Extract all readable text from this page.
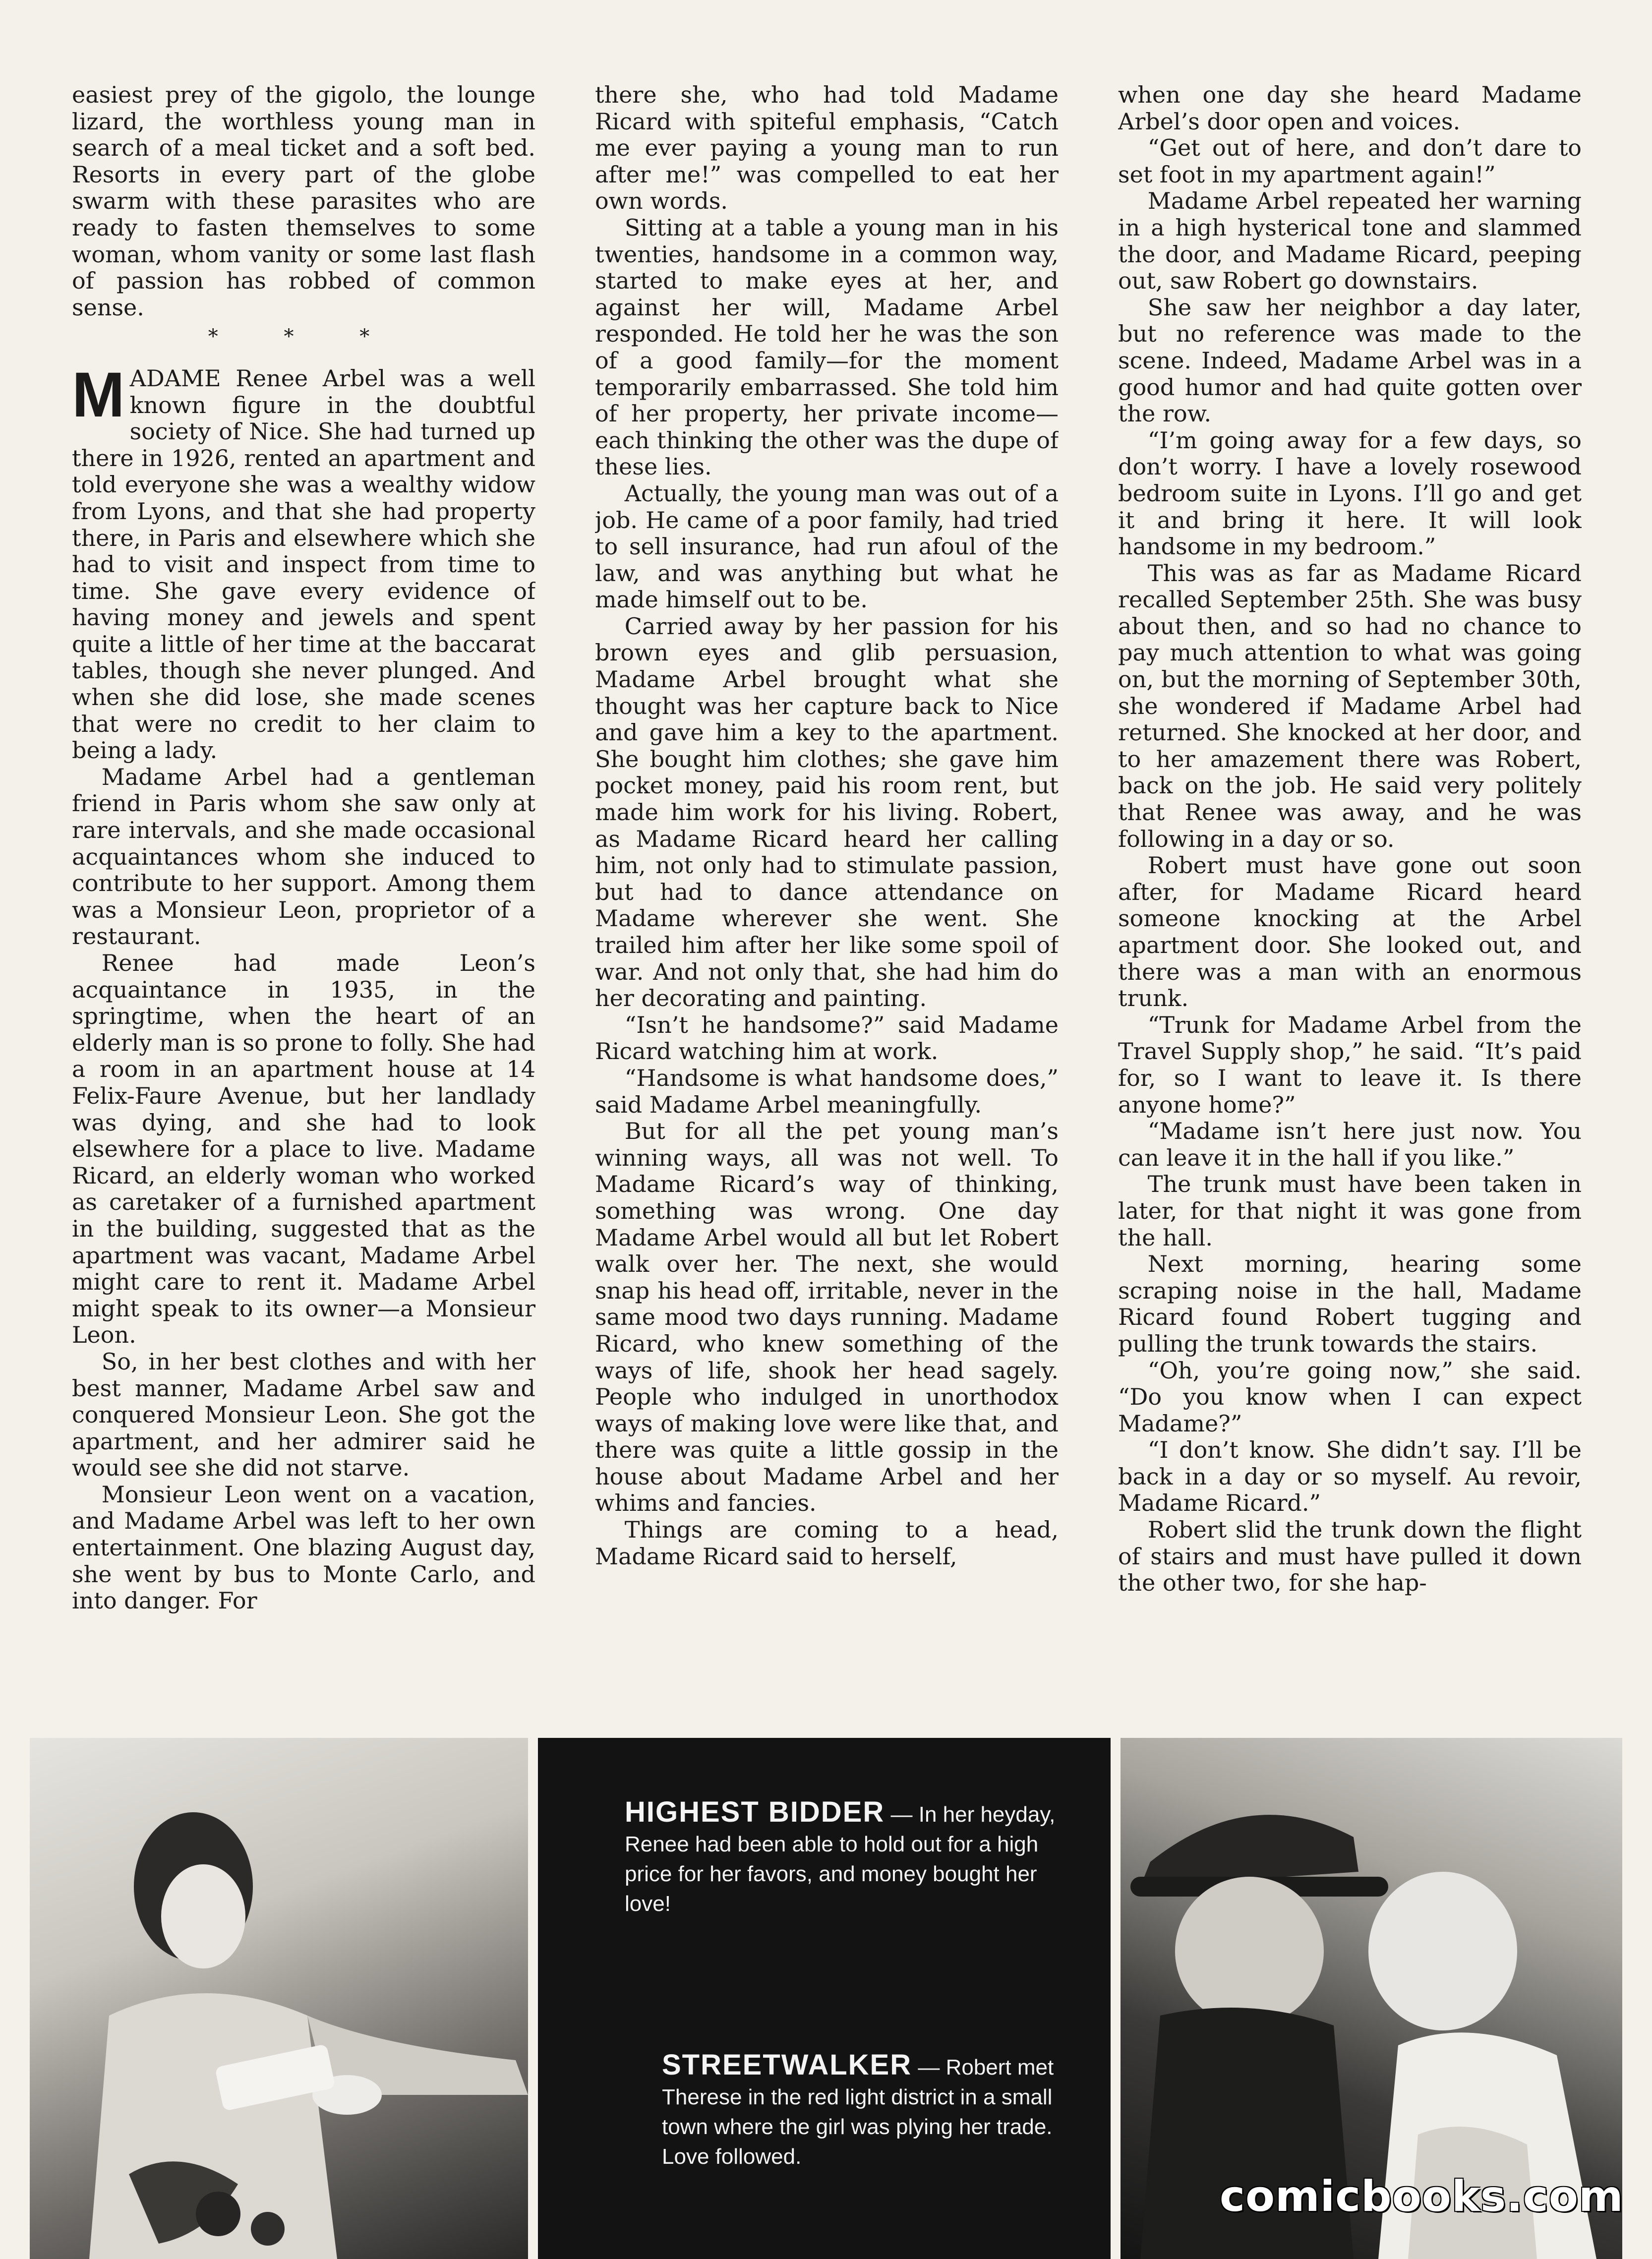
easiest prey of the gigolo, the lounge lizard, the worthless young man in search of a meal ticket and a soft bed. Resorts in every part of the globe swarm with these parasites who are ready to fasten themselves to some woman, whom vanity or some last flash of passion has robbed of common sense.

* * *

MADAME Renee Arbel was a well known figure in the doubtful society of Nice. She had turned up there in 1926, rented an apartment and told everyone she was a wealthy widow from Lyons, and that she had property there, in Paris and elsewhere which she had to visit and inspect from time to time. She gave every evidence of having money and jewels and spent quite a little of her time at the baccarat tables, though she never plunged. And when she did lose, she made scenes that were no credit to her claim to being a lady.

Madame Arbel had a gentleman friend in Paris whom she saw only at rare intervals, and she made occasional acquaintances whom she induced to contribute to her support. Among them was a Monsieur Leon, proprietor of a restaurant.

Renee had made Leon’s acquaintance in 1935, in the springtime, when the heart of an elderly man is so prone to folly. She had a room in an apartment house at 14 Felix-Faure Avenue, but her landlady was dying, and she had to look elsewhere for a place to live. Madame Ricard, an elderly woman who worked as caretaker of a furnished apartment in the building, suggested that as the apartment was vacant, Madame Arbel might care to rent it. Madame Arbel might speak to its owner—a Monsieur Leon.

So, in her best clothes and with her best manner, Madame Arbel saw and conquered Monsieur Leon. She got the apartment, and her admirer said he would see she did not starve.

Monsieur Leon went on a vacation, and Madame Arbel was left to her own entertainment. One blazing August day, she went by bus to Monte Carlo, and into danger. For

there she, who had told Madame Ricard with spiteful emphasis, “Catch me ever paying a young man to run after me!” was compelled to eat her own words.

Sitting at a table a young man in his twenties, handsome in a common way, started to make eyes at her, and against her will, Madame Arbel responded. He told her he was the son of a good family—for the moment temporarily embarrassed. She told him of her property, her private income—each thinking the other was the dupe of these lies.

Actually, the young man was out of a job. He came of a poor family, had tried to sell insurance, had run afoul of the law, and was anything but what he made himself out to be.

Carried away by her passion for his brown eyes and glib persuasion, Madame Arbel brought what she thought was her capture back to Nice and gave him a key to the apartment. She bought him clothes; she gave him pocket money, paid his room rent, but made him work for his living. Robert, as Madame Ricard heard her calling him, not only had to stimulate passion, but had to dance attendance on Madame wherever she went. She trailed him after her like some spoil of war. And not only that, she had him do her decorating and painting.

“Isn’t he handsome?” said Madame Ricard watching him at work.

“Handsome is what handsome does,” said Madame Arbel meaningfully.

But for all the pet young man’s winning ways, all was not well. To Madame Ricard’s way of thinking, something was wrong. One day Madame Arbel would all but let Robert walk over her. The next, she would snap his head off, irritable, never in the same mood two days running. Madame Ricard, who knew something of the ways of life, shook her head sagely. People who indulged in unorthodox ways of making love were like that, and there was quite a little gossip in the house about Madame Arbel and her whims and fancies.

Things are coming to a head, Madame Ricard said to herself,

when one day she heard Madame Arbel’s door open and voices.

“Get out of here, and don’t dare to set foot in my apartment again!”

Madame Arbel repeated her warning in a high hysterical tone and slammed the door, and Madame Ricard, peeping out, saw Robert go downstairs.

She saw her neighbor a day later, but no reference was made to the scene. Indeed, Madame Arbel was in a good humor and had quite gotten over the row.

“I’m going away for a few days, so don’t worry. I have a lovely rosewood bedroom suite in Lyons. I’ll go and get it and bring it here. It will look handsome in my bedroom.”

This was as far as Madame Ricard recalled September 25th. She was busy about then, and so had no chance to pay much attention to what was going on, but the morning of September 30th, she wondered if Madame Arbel had returned. She knocked at her door, and to her amazement there was Robert, back on the job. He said very politely that Renee was away, and he was following in a day or so.

Robert must have gone out soon after, for Madame Ricard heard someone knocking at the Arbel apartment door. She looked out, and there was a man with an enormous trunk.

“Trunk for Madame Arbel from the Travel Supply shop,” he said. “It’s paid for, so I want to leave it. Is there anyone home?”

“Madame isn’t here just now. You can leave it in the hall if you like.”

The trunk must have been taken in later, for that night it was gone from the hall.

Next morning, hearing some scraping noise in the hall, Madame Ricard found Robert tugging and pulling the trunk towards the stairs.

“Oh, you’re going now,” she said. “Do you know when I can expect Madame?”

“I don’t know. She didn’t say. I’ll be back in a day or so myself. Au revoir, Madame Ricard.”

Robert slid the trunk down the flight of stairs and must have pulled it down the other two, for she hap-

HIGHEST BIDDER — In her heyday, Renee had been able to hold out for a high price for her favors, and money bought her love!
STREETWALKER — Robert met Therese in the red light district in a small town where the girl was plying her trade. Love followed.
comicbooks.com
